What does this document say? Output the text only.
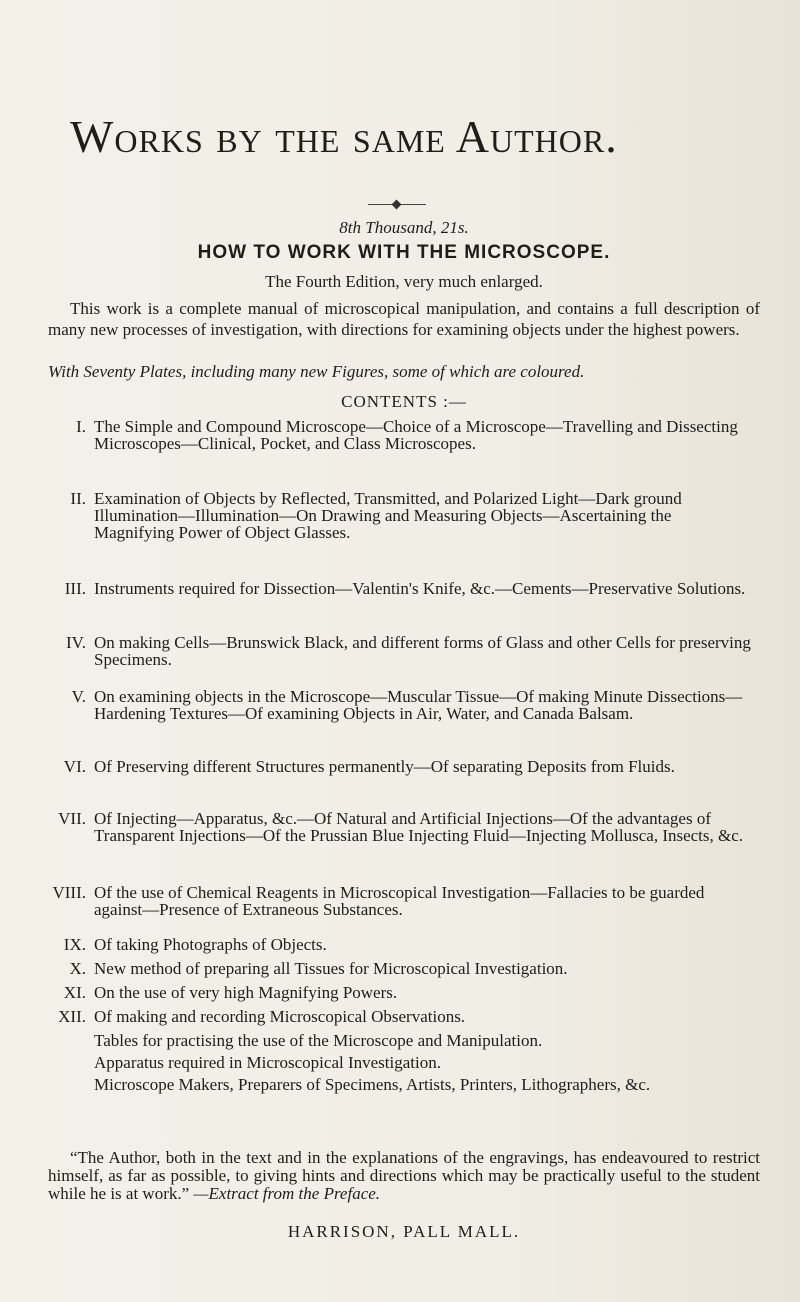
Works by the same Author.
8th Thousand, 21s.
HOW TO WORK WITH THE MICROSCOPE.
The Fourth Edition, very much enlarged.

This work is a complete manual of microscopical manipulation, and contains a full description of many new processes of investigation, with directions for examining objects under the highest powers.

With Seventy Plates, including many new Figures, some of which are coloured.
CONTENTS :—
I. The Simple and Compound Microscope—Choice of a Microscope—Travelling and Dissecting Microscopes—Clinical, Pocket, and Class Microscopes.
II. Examination of Objects by Reflected, Transmitted, and Polarized Light—Dark ground Illumination—Illumination—On Drawing and Measuring Objects—Ascertaining the Magnifying Power of Object Glasses.
III. Instruments required for Dissection—Valentin's Knife, &c.—Cements—Preservative Solutions.
IV. On making Cells—Brunswick Black, and different forms of Glass and other Cells for preserving Specimens.
V. On examining objects in the Microscope—Muscular Tissue—Of making Minute Dissections—Hardening Textures—Of examining Objects in Air, Water, and Canada Balsam.
VI. Of Preserving different Structures permanently—Of separating Deposits from Fluids.
VII. Of Injecting—Apparatus, &c.—Of Natural and Artificial Injections—Of the advantages of Transparent Injections—Of the Prussian Blue Injecting Fluid—Injecting Mollusca, Insects, &c.
VIII. Of the use of Chemical Reagents in Microscopical Investigation—Fallacies to be guarded against—Presence of Extraneous Substances.
IX. Of taking Photographs of Objects.
X. New method of preparing all Tissues for Microscopical Investigation.
XI. On the use of very high Magnifying Powers.
XII. Of making and recording Microscopical Observations.

Tables for practising the use of the Microscope and Manipulation.

Apparatus required in Microscopical Investigation.

Microscope Makers, Preparers of Specimens, Artists, Printers, Lithographers, &c.

“The Author, both in the text and in the explanations of the engravings, has endeavoured to restrict himself, as far as possible, to giving hints and directions which may be practically useful to the student while he is at work.” —Extract from the Preface.

HARRISON, PALL MALL.
